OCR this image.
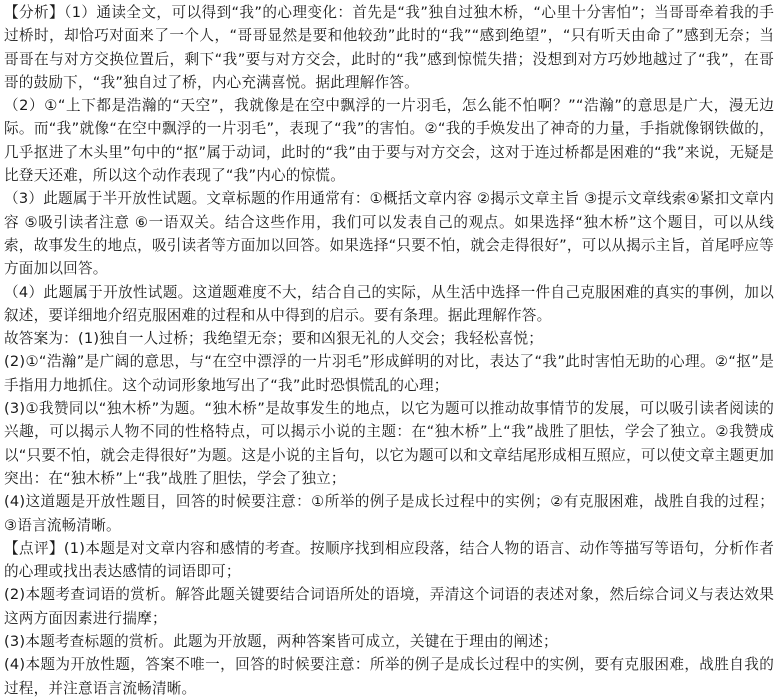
【分析】（1）通读全文，可以得到“我”的心理变化：首先是“我”独自过独木桥，“心里十分害怕”；当哥哥牵着我的手过桥时，却恰巧对面来了一个人，“哥哥显然是要和他较劲”此时的“我”“感到绝望”，“只有听天由命了”感到无奈；当哥哥在与对方交换位置后，剩下“我”要与对方交会，此时的“我”感到惊慌失措；没想到对方巧妙地越过了“我”，在哥哥的鼓励下，“我”独自过了桥，内心充满喜悦。据此理解作答。

（2）①“上下都是浩瀚的“天空”，我就像是在空中飘浮的一片羽毛，怎么能不怕啊？”“浩瀚”的意思是广大，漫无边际。而“我”就像“在空中飘浮的一片羽毛”，表现了“我”的害怕。②“我的手焕发出了神奇的力量，手指就像钢铁做的，几乎抠进了木头里”句中的“抠”属于动词，此时的“我”由于要与对方交会，这对于连过桥都是困难的“我”来说，无疑是比登天还难，所以这个动作表现了“我”内心的惊慌。

（3）此题属于半开放性试题。文章标题的作用通常有：①概括文章内容 ②揭示文章主旨 ③提示文章线索④紧扣文章内容 ⑤吸引读者注意 ⑥一语双关。结合这些作用，我们可以发表自己的观点。如果选择“独木桥”这个题目，可以从线索，故事发生的地点，吸引读者等方面加以回答。如果选择“只要不怕，就会走得很好”，可以从揭示主旨，首尾呼应等方面加以回答。

（4）此题属于开放性试题。这道题难度不大，结合自己的实际，从生活中选择一件自己克服困难的真实的事例，加以叙述，要详细地介绍克服困难的过程和从中得到的启示。要有条理。据此理解作答。

故答案为：(1)独自一人过桥；我绝望无奈；要和凶狠无礼的人交会；我轻松喜悦；

(2)①“浩瀚”是广阔的意思，与“在空中漂浮的一片羽毛”形成鲜明的对比，表达了“我”此时害怕无助的心理。②“抠”是手指用力地抓住。这个动词形象地写出了“我”此时恐惧慌乱的心理；

(3)①我赞同以“独木桥”为题。“独木桥”是故事发生的地点，以它为题可以推动故事情节的发展，可以吸引读者阅读的兴趣，可以揭示人物不同的性格特点，可以揭示小说的主题：在“独木桥”上“我”战胜了胆怯，学会了独立。②我赞成以“只要不怕，就会走得很好”为题。这是小说的主旨句，以它为题可以和文章结尾形成相互照应，可以使文章主题更加突出：在“独木桥”上“我”战胜了胆怯，学会了独立；

(4)这道题是开放性题目，回答的时候要注意：①所举的例子是成长过程中的实例；②有克服困难，战胜自我的过程；③语言流畅清晰。

【点评】(1)本题是对文章内容和感情的考查。按顺序找到相应段落，结合人物的语言、动作等描写等语句，分析作者的心理或找出表达感情的词语即可；

(2)本题考查词语的赏析。解答此题关键要结合词语所处的语境，弄清这个词语的表述对象，然后综合词义与表达效果这两方面因素进行揣摩；

(3)本题考查标题的赏析。此题为开放题，两种答案皆可成立，关键在于理由的阐述；

(4)本题为开放性题，答案不唯一，回答的时候要注意：所举的例子是成长过程中的实例，要有克服困难，战胜自我的过程，并注意语言流畅清晰。
